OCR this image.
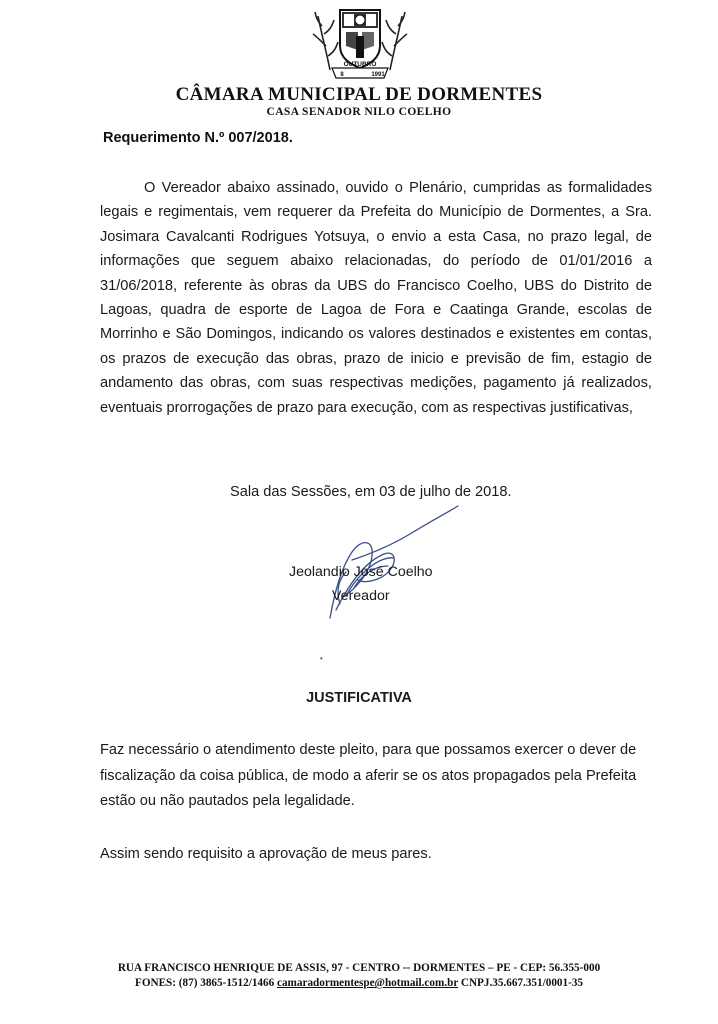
OUTUBRO
8	1991
CÂMARA MUNICIPAL DE DORMENTES
CASA SENADOR NILO COELHO
Requerimento N.º 007/2018.

O Vereador abaixo assinado, ouvido o Plenário, cumpridas as formalidades legais e regimentais, vem requerer da Prefeita do Município de Dormentes, a Sra. Josimara Cavalcanti Rodrigues Yotsuya, o envio a esta Casa, no prazo legal, de informações que seguem abaixo relacionadas, do período de 01/01/2016 a 31/06/2018, referente às obras da UBS do Francisco Coelho, UBS do Distrito de Lagoas, quadra de esporte de Lagoa de Fora e Caatinga Grande, escolas de Morrinho e São Domingos, indicando os valores destinados e existentes em contas, os prazos de execução das obras, prazo de inicio e previsão de fim, estagio de andamento das obras, com suas respectivas medições, pagamento já realizados, eventuais prorrogações de prazo para execução, com as respectivas justificativas,

Sala das Sessões, em 03 de julho de 2018.
Jeolandio José Coelho
Vereador
•
JUSTIFICATIVA

Faz necessário o atendimento deste pleito, para que possamos exercer o dever de fiscalização da coisa pública, de modo a aferir se os atos propagados pela Prefeita estão ou não pautados pela legalidade.

Assim sendo requisito a aprovação de meus pares.
RUA FRANCISCO HENRIQUE DE ASSIS, 97 - CENTRO -- DORMENTES – PE - CEP: 56.355-000
FONES: (87) 3865-1512/1466 camaradormentespe@hotmail.com.br CNPJ.35.667.351/0001-35
